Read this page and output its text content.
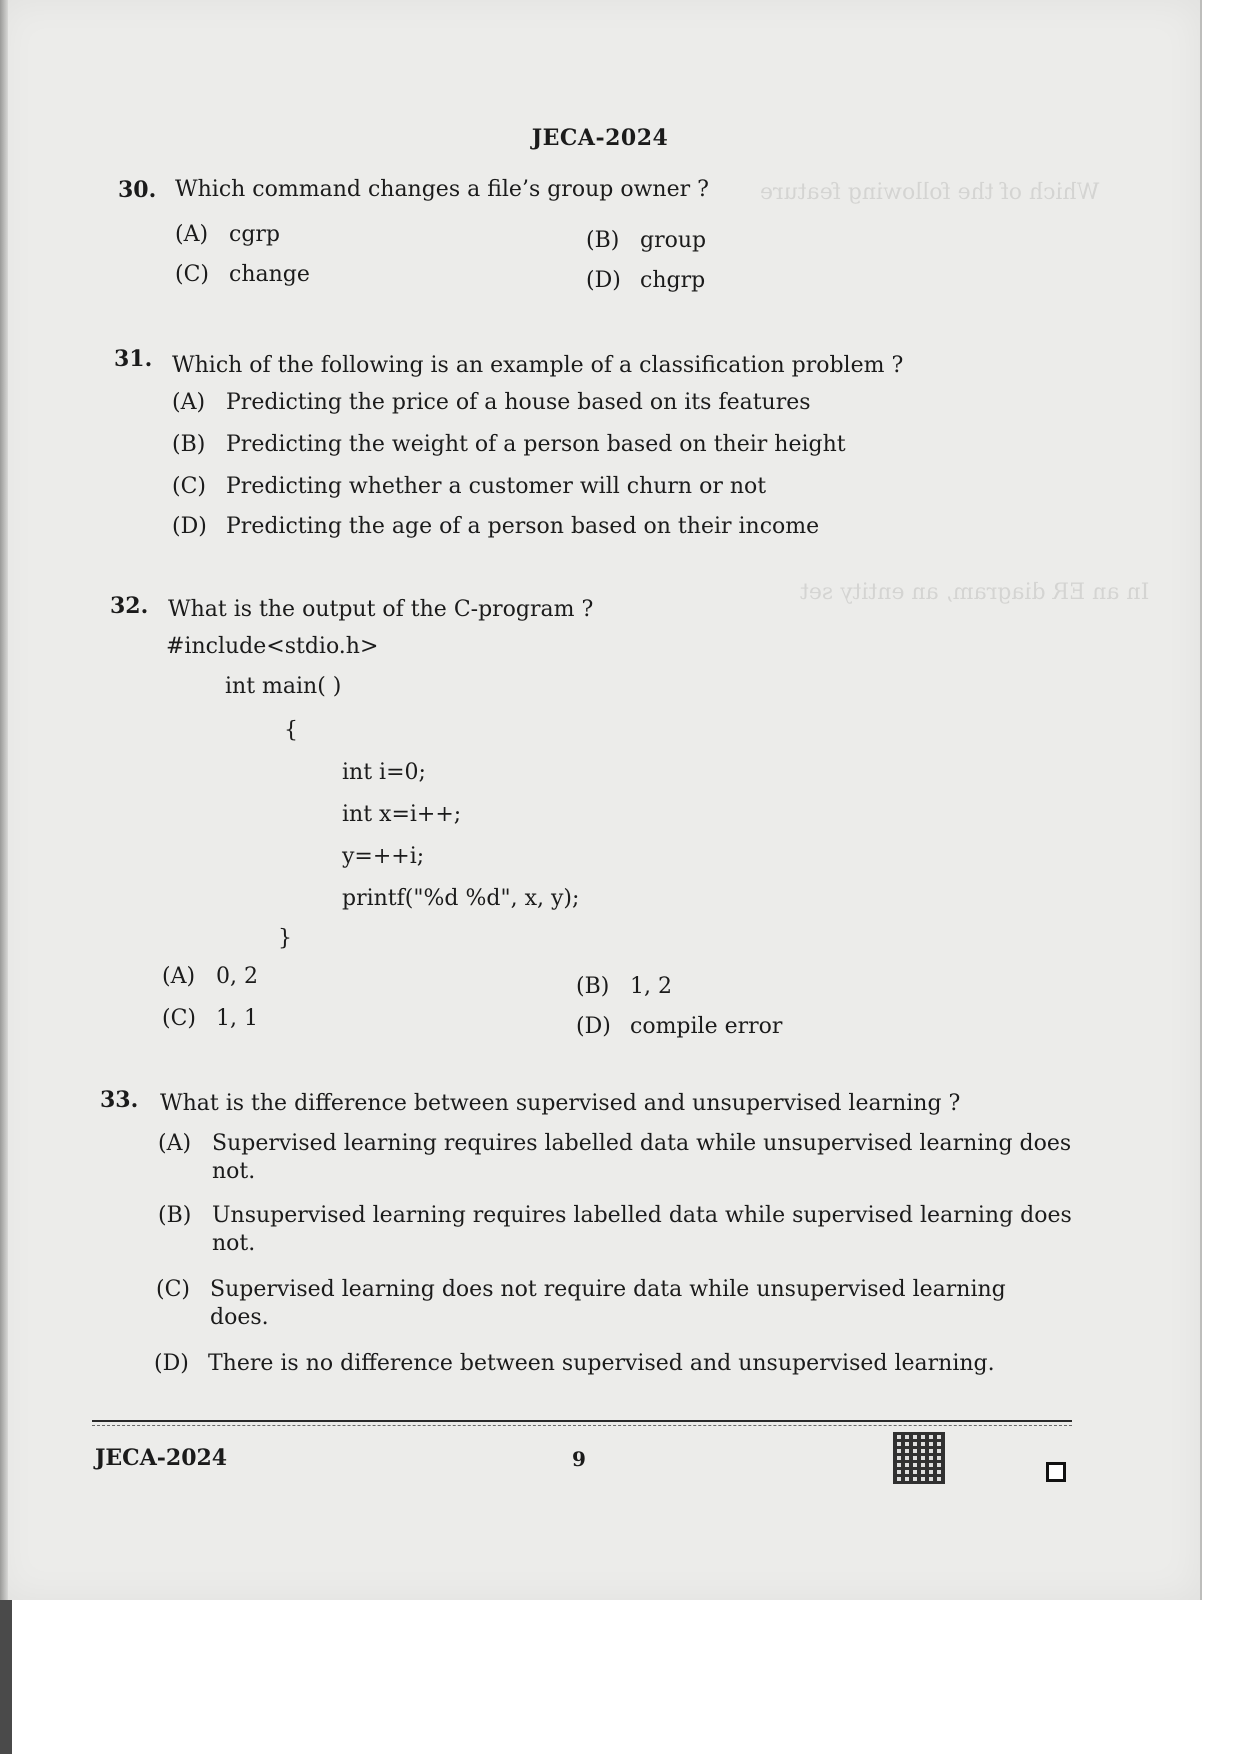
Which of the following feature
In an ER diagram, an entity set
JECA-2024
30. Which command changes a file’s group owner ?
(A) cgrp	(B) group
(C) change	(D) chgrp
31. Which of the following is an example of a classification problem ?
(A) Predicting the price of a house based on its features
(B) Predicting the weight of a person based on their height
(C) Predicting whether a customer will churn or not
(D) Predicting the age of a person based on their income
32. What is the output of the C-program ?
#include<stdio.h>
int main( )
{
int i=0;
int x=i++;
y=++i;
printf("%d %d", x, y);
}
(A) 0, 2	(B) 1, 2
(C) 1, 1	(D) compile error
33. What is the difference between supervised and unsupervised learning ?
(A) Supervised learning requires labelled data while unsupervised learning does not.
(B) Unsupervised learning requires labelled data while supervised learning does not.
(C) Supervised learning does not require data while unsupervised learning does.
(D) There is no difference between supervised and unsupervised learning.
JECA-2024	9
